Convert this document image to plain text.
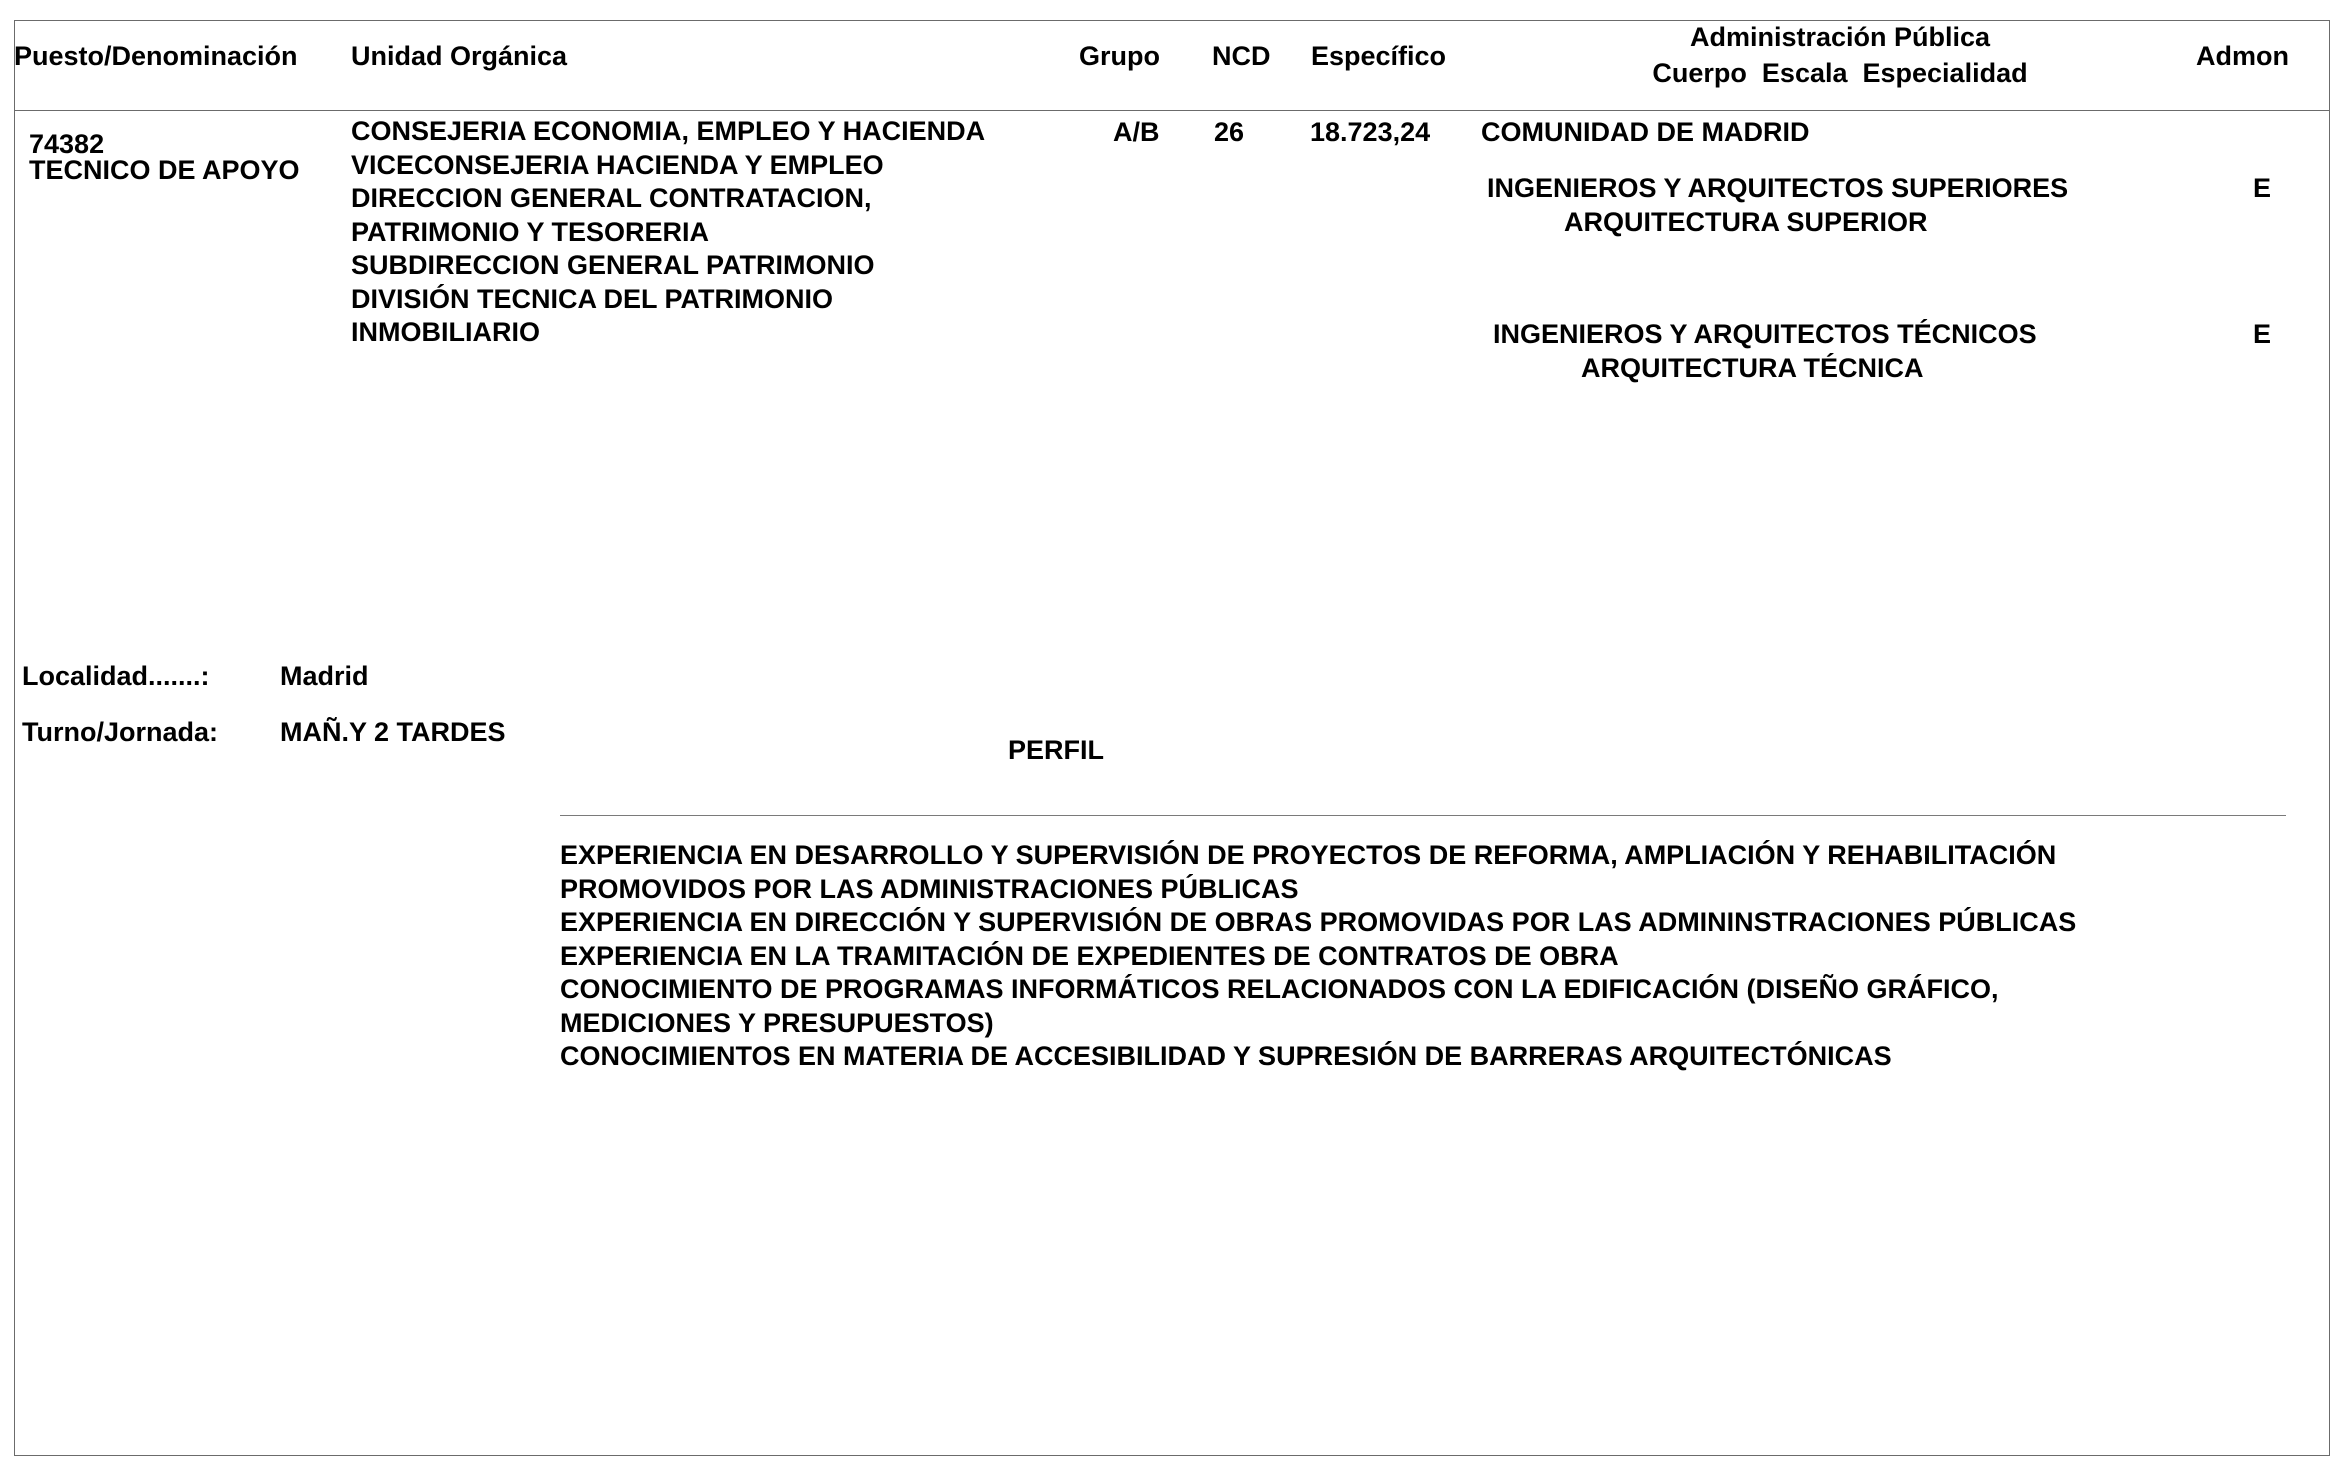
Puesto/Denominación Unidad Orgánica	Grupo NCD Específico
Administración Pública
Cuerpo  Escala  Especialidad
Admon
74382
TECNICO DE APOYO
CONSEJERIA ECONOMIA, EMPLEO Y HACIENDA
VICECONSEJERIA HACIENDA Y EMPLEO
DIRECCION GENERAL CONTRATACION,
PATRIMONIO Y TESORERIA
SUBDIRECCION GENERAL PATRIMONIO
DIVISIÓN TECNICA DEL PATRIMONIO
INMOBILIARIO
A/B 26 18.723,24 COMUNIDAD DE MADRID
INGENIEROS Y ARQUITECTOS SUPERIORES
ARQUITECTURA SUPERIOR
E
INGENIEROS Y ARQUITECTOS TÉCNICOS
ARQUITECTURA TÉCNICA
E
Localidad.......:	Madrid
Turno/Jornada: MAÑ.Y 2 TARDES
PERFIL
EXPERIENCIA EN DESARROLLO Y SUPERVISIÓN DE PROYECTOS DE REFORMA, AMPLIACIÓN Y REHABILITACIÓN
PROMOVIDOS POR LAS ADMINISTRACIONES PÚBLICAS
EXPERIENCIA EN DIRECCIÓN Y SUPERVISIÓN DE OBRAS PROMOVIDAS POR LAS ADMININSTRACIONES PÚBLICAS
EXPERIENCIA EN LA TRAMITACIÓN DE EXPEDIENTES DE CONTRATOS DE OBRA
CONOCIMIENTO DE PROGRAMAS INFORMÁTICOS RELACIONADOS CON LA EDIFICACIÓN (DISEÑO GRÁFICO,
MEDICIONES Y PRESUPUESTOS)
CONOCIMIENTOS EN MATERIA DE ACCESIBILIDAD Y SUPRESIÓN DE BARRERAS ARQUITECTÓNICAS
